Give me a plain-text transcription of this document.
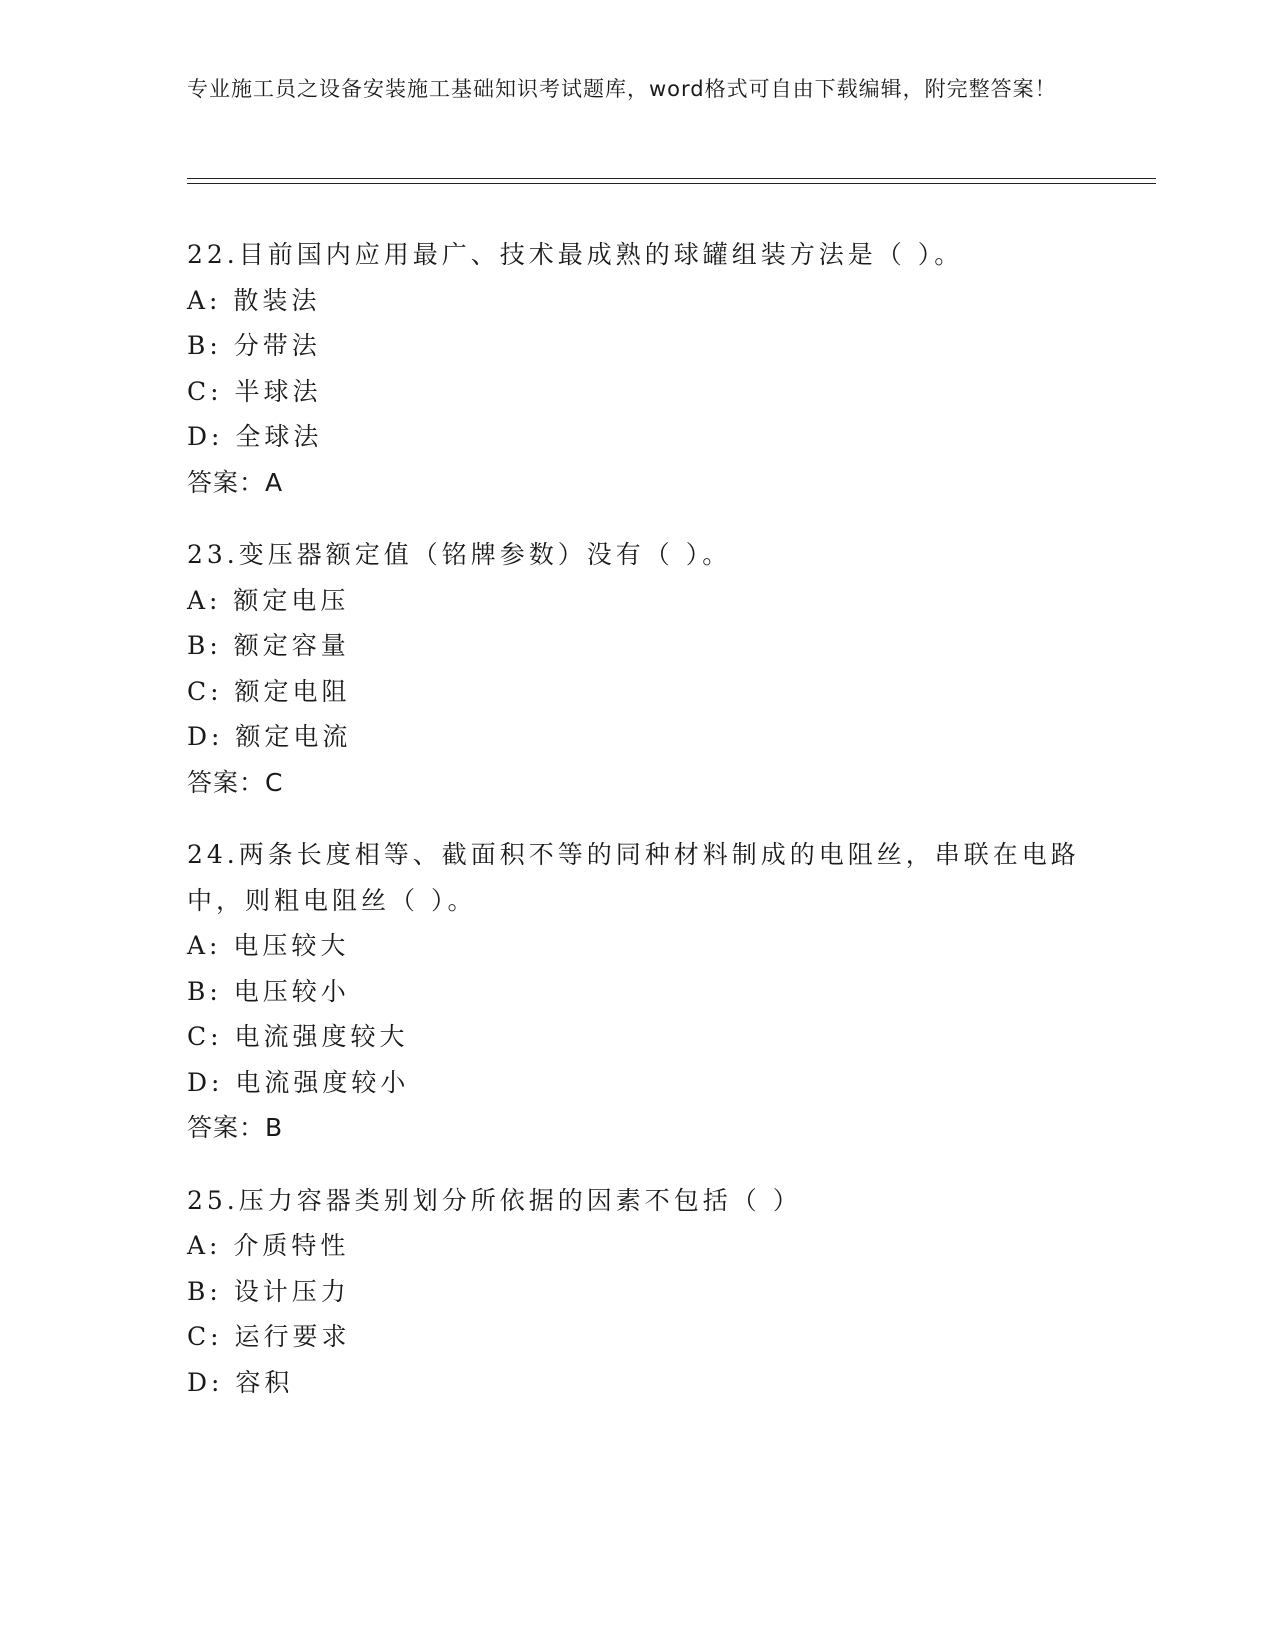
专业施工员之设备安装施工基础知识考试题库，word格式可自由下载编辑，附完整答案！
22.目前国内应用最广、技术最成熟的球罐组装方法是（ ）。
A: 散装法
B: 分带法
C: 半球法
D: 全球法
答案：A
23.变压器额定值（铭牌参数）没有（ ）。
A: 额定电压
B: 额定容量
C: 额定电阻
D: 额定电流
答案：C
24.两条长度相等、截面积不等的同种材料制成的电阻丝，串联在电路中，则粗电阻丝（ ）。
A: 电压较大
B: 电压较小
C: 电流强度较大
D: 电流强度较小
答案：B
25.压力容器类别划分所依据的因素不包括（ ）
A: 介质特性
B: 设计压力
C: 运行要求
D: 容积
